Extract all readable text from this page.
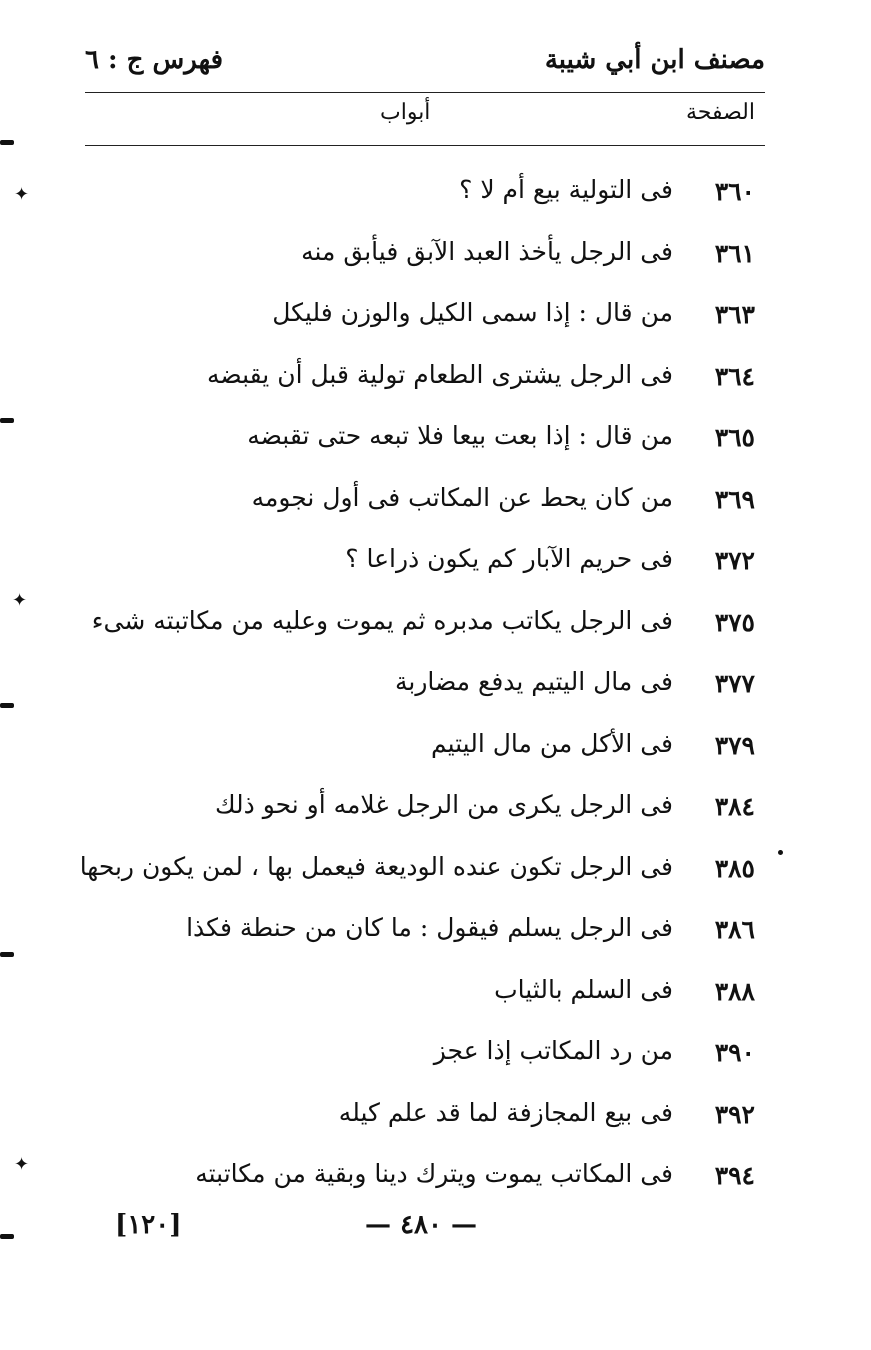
مصنف ابن أبي شيبة
فهرس ج : ٦
الصفحة
أبواب
٣٦٠
فى التولية بيع أم لا ؟
٣٦١
فى الرجل يأخذ العبد الآبق فيأبق منه
٣٦٣
من قال : إذا سمى الكيل والوزن فليكل
٣٦٤
فى الرجل يشترى الطعام تولية قبل أن يقبضه
٣٦٥
من قال : إذا بعت بيعا فلا تبعه حتى تقبضه
٣٦٩
من كان يحط عن المكاتب فى أول نجومه
٣٧٢
فى حريم الآبار كم يكون ذراعا ؟
٣٧٥
فى الرجل يكاتب مدبره ثم يموت وعليه من مكاتبته شىء
٣٧٧
فى مال اليتيم يدفع مضاربة
٣٧٩
فى الأكل من مال اليتيم
٣٨٤
فى الرجل يكرى من الرجل غلامه أو نحو ذلك
٣٨٥
فى الرجل تكون عنده الوديعة فيعمل بها ، لمن يكون ربحها
٣٨٦
فى الرجل يسلم فيقول : ما كان من حنطة فكذا
٣٨٨
فى السلم بالثياب
٣٩٠
من رد المكاتب إذا عجز
٣٩٢
فى بيع المجازفة لما قد علم كيله
٣٩٤
فى المكاتب يموت ويترك دينا وبقية من مكاتبته
[١٢٠]	— ٤٨٠ —
✦
✦
✦
